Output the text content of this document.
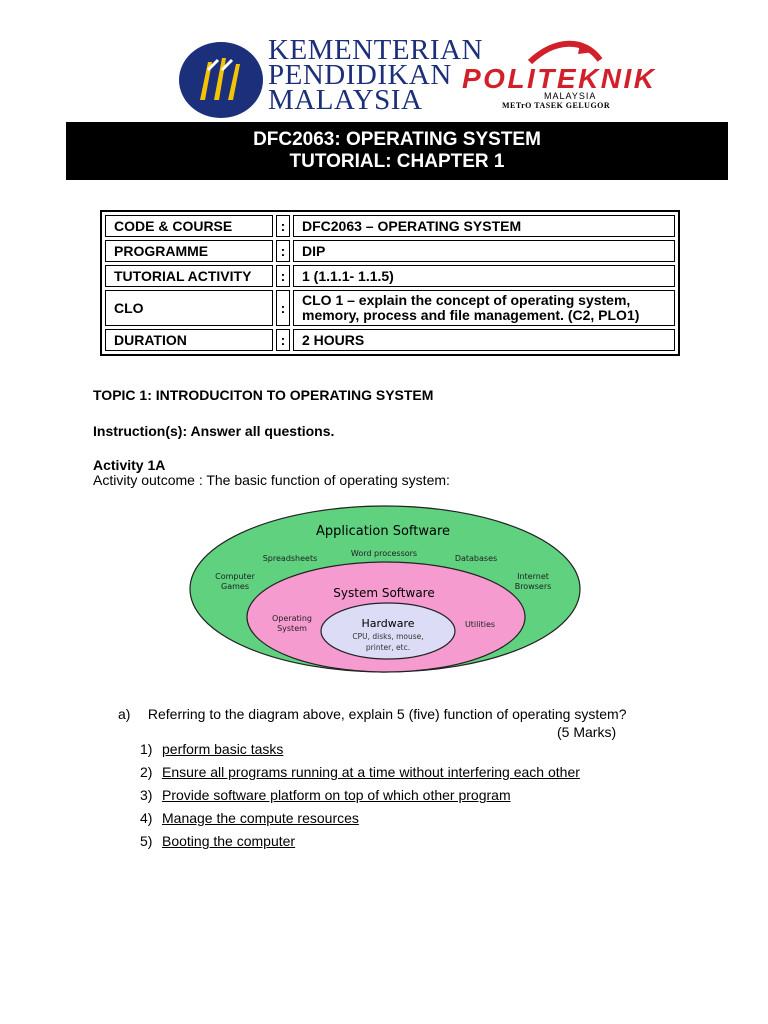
KEMENTERIAN
PENDIDIKAN
MALAYSIA
POLITEKNIK
MALAYSIA
METrO TASEK GELUGOR
DFC2063: OPERATING SYSTEM
TUTORIAL: CHAPTER 1
CODE & COURSE	:	DFC2063 – OPERATING SYSTEM
PROGRAMME	:	DIP
TUTORIAL ACTIVITY	:	1 (1.1.1- 1.1.5)
CLO	:	CLO 1 – explain the concept of operating system, memory, process and file management. (C2, PLO1)
DURATION	:	2 HOURS
TOPIC 1: INTRODUCITON TO OPERATING SYSTEM
Instruction(s): Answer all questions.
Activity 1A
Activity outcome : The basic function of operating system:
Application Software
Spreadsheets
Word processors
Databases
Computer
Games
Internet
Browsers
System Software
Operating
System	Utilities
Hardware
CPU, disks, mouse,
printer, etc.
a) Referring to the diagram above, explain 5 (five) function of operating system?
(5 Marks)
1) perform basic tasks
2) Ensure all programs running at a time without interfering each other
3) Provide software platform on top of which other program
4) Manage the compute resources
5) Booting the computer
